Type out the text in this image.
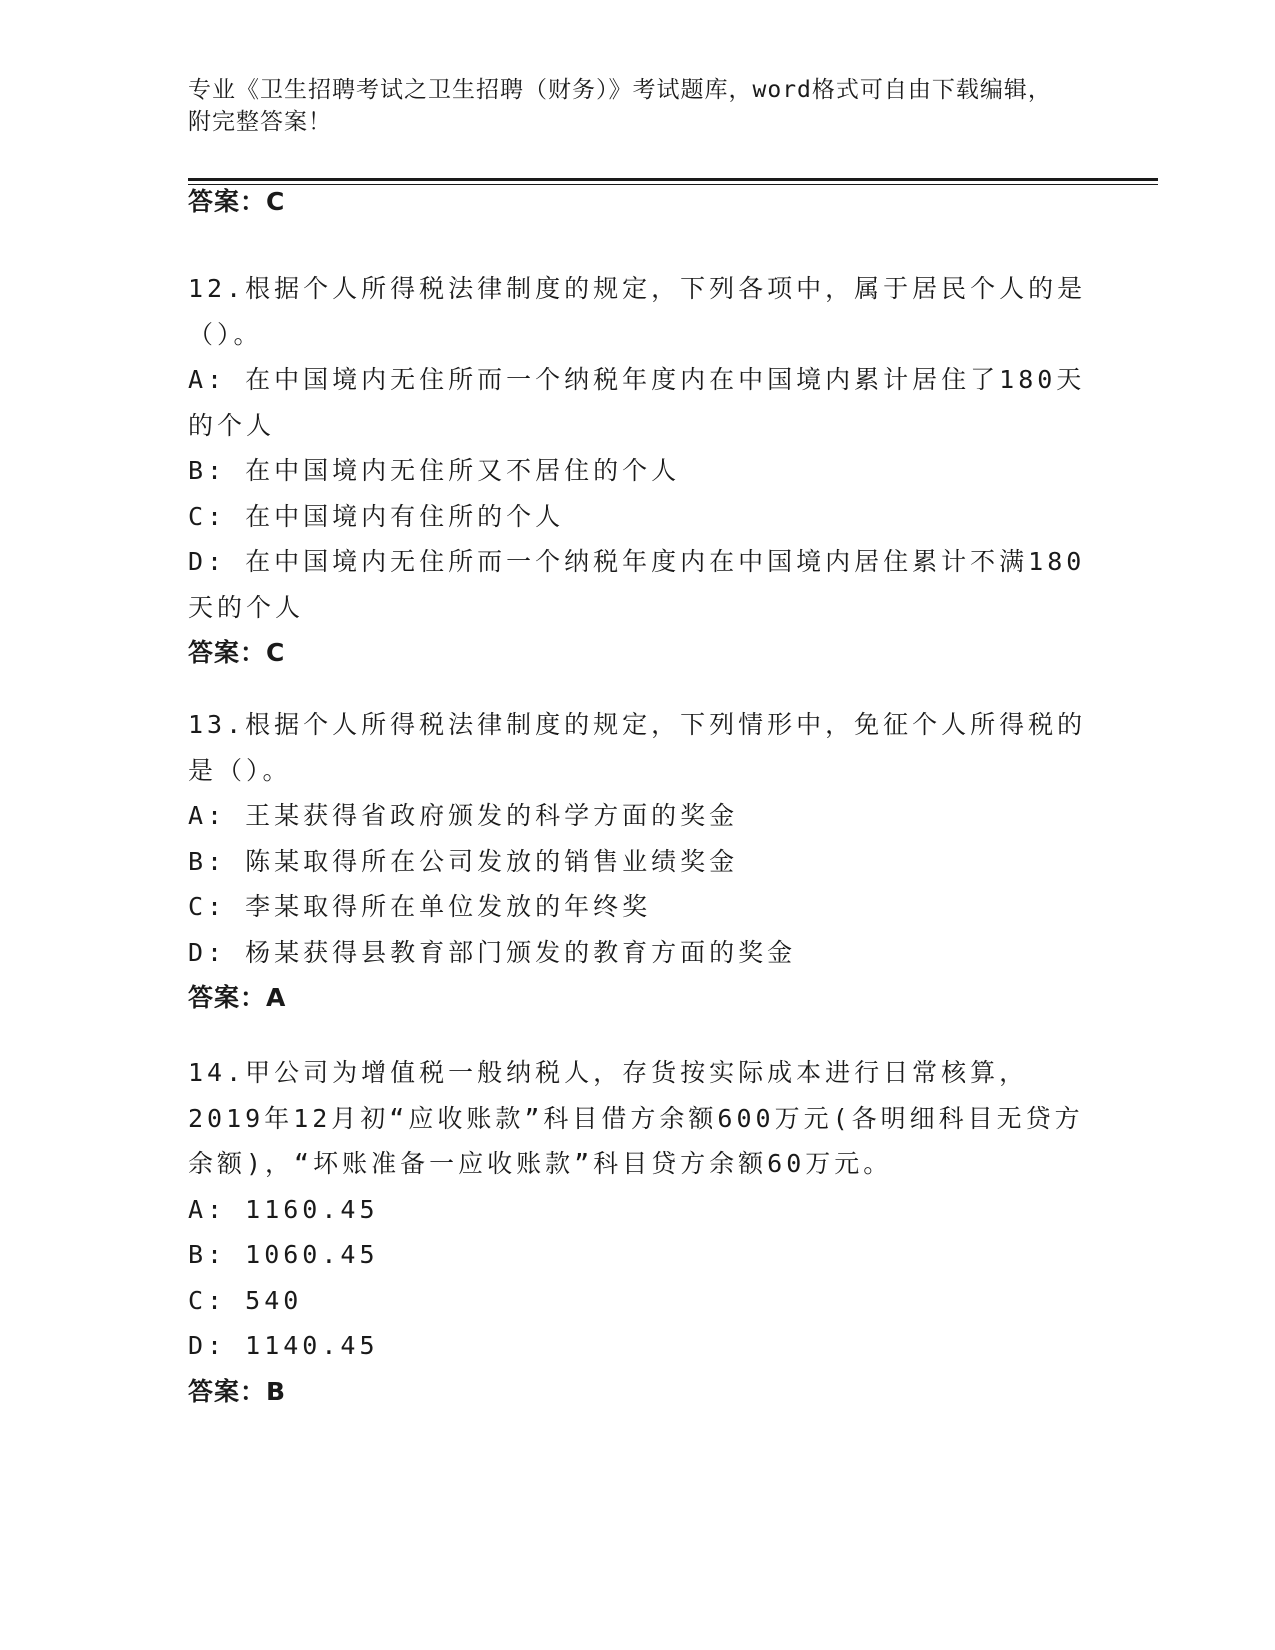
专业《卫生招聘考试之卫生招聘（财务）》考试题库，word格式可自由下载编辑，附完整答案！
答案：C

12.根据个人所得税法律制度的规定，下列各项中，属于居民个人的是（）。

A: 在中国境内无住所而一个纳税年度内在中国境内累计居住了180天的个人

B: 在中国境内无住所又不居住的个人

C: 在中国境内有住所的个人

D: 在中国境内无住所而一个纳税年度内在中国境内居住累计不满180天的个人

答案：C

13.根据个人所得税法律制度的规定，下列情形中，免征个人所得税的是（）。

A: 王某获得省政府颁发的科学方面的奖金

B: 陈某取得所在公司发放的销售业绩奖金

C: 李某取得所在单位发放的年终奖

D: 杨某获得县教育部门颁发的教育方面的奖金

答案：A

14.甲公司为增值税一般纳税人，存货按实际成本进行日常核算，2019年12月初“应收账款”科目借方余额600万元(各明细科目无贷方余额)，“坏账准备一应收账款”科目贷方余额60万元。

A: 1160.45

B: 1060.45

C: 540

D: 1140.45

答案：B
